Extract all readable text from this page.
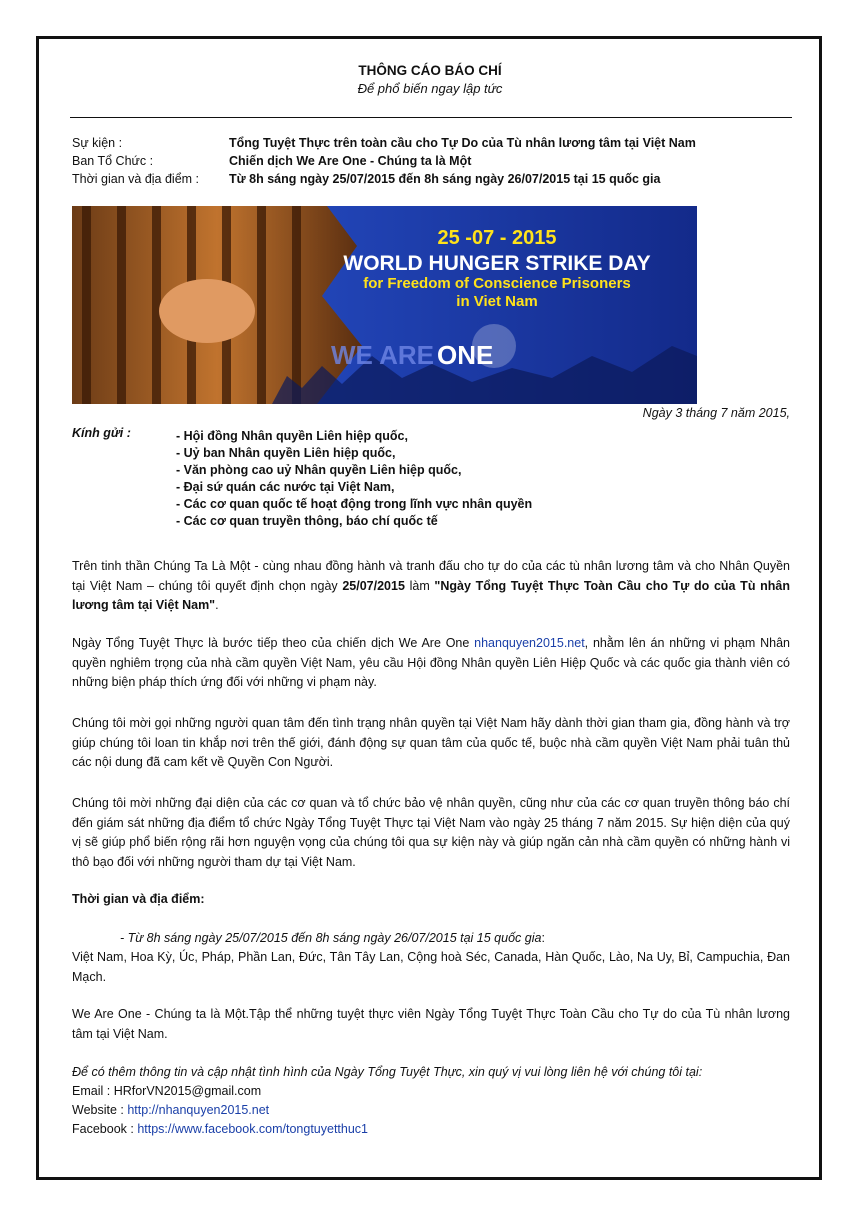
THÔNG CÁO BÁO CHÍ
Để phổ biến ngay lập tức
Sự kiện :	Tổng Tuyệt Thực trên toàn cầu cho Tự Do của Tù nhân lương tâm tại Việt Nam
Ban Tổ Chức :	Chiến dịch We Are One - Chúng ta là Một
Thời gian và địa điểm : Từ 8h sáng ngày 25/07/2015 đến 8h sáng ngày 26/07/2015 tại 15 quốc gia
25 -07 - 2015
WORLD HUNGER STRIKE DAY
for Freedom of Conscience Prisoners
in Viet Nam
WE ARE ONE
Ngày 3 tháng 7 năm 2015,
Kính gửi :	- Hội đồng Nhân quyền Liên hiệp quốc,
- Uỷ ban Nhân quyền Liên hiệp quốc,
- Văn phòng cao uỷ Nhân quyền Liên hiệp quốc,
- Đại sứ quán các nước tại Việt Nam,
- Các cơ quan quốc tế hoạt động trong lĩnh vực nhân quyền
- Các cơ quan truyền thông, báo chí quốc tế

Trên tinh thần Chúng Ta Là Một - cùng nhau đồng hành và tranh đấu cho tự do của các tù nhân lương tâm và cho Nhân Quyền tại Việt Nam – chúng tôi quyết định chọn ngày 25/07/2015 làm "Ngày Tổng Tuyệt Thực Toàn Cầu cho Tự do của Tù nhân lương tâm tại Việt Nam".

Ngày Tổng Tuyệt Thực là bước tiếp theo của chiến dịch We Are One nhanquyen2015.net, nhằm lên án những vi phạm Nhân quyền nghiêm trọng của nhà cầm quyền Việt Nam, yêu cầu Hội đồng Nhân quyền Liên Hiệp Quốc và các quốc gia thành viên có những biện pháp thích ứng đối với những vi phạm này.

Chúng tôi mời gọi những người quan tâm đến tình trạng nhân quyền tại Việt Nam hãy dành thời gian tham gia, đồng hành và trợ giúp chúng tôi loan tin khắp nơi trên thế giới, đánh động sự quan tâm của quốc tế, buộc nhà cầm quyền Việt Nam phải tuân thủ các nội dung đã cam kết về Quyền Con Người.

Chúng tôi mời những đại diện của các cơ quan và tổ chức bảo vệ nhân quyền, cũng như của các cơ quan truyền thông báo chí đến giám sát những địa điểm tổ chức Ngày Tổng Tuyệt Thực tại Việt Nam vào ngày 25 tháng 7 năm 2015. Sự hiện diện của quý vị sẽ giúp phổ biến rộng rãi hơn nguyện vọng của chúng tôi qua sự kiện này và giúp ngăn cản nhà cầm quyền có những hành vi thô bạo đối với những người tham dự tại Việt Nam.

Thời gian và địa điểm:

- Từ 8h sáng ngày 25/07/2015 đến 8h sáng ngày 26/07/2015 tại 15 quốc gia:

Việt Nam, Hoa Kỳ, Úc, Pháp, Phần Lan, Đức, Tân Tây Lan, Cộng hoà Séc, Canada, Hàn Quốc, Lào, Na Uy, Bỉ, Campuchia, Đan Mạch.

We Are One - Chúng ta là Một.Tập thể những tuyệt thực viên Ngày Tổng Tuyệt Thực Toàn Cầu cho Tự do của Tù nhân lương tâm tại Việt Nam.

Để có thêm thông tin và cập nhật tình hình của Ngày Tổng Tuyệt Thực, xin quý vị vui lòng liên hệ với chúng tôi tại:

Email : HRforVN2015@gmail.com

Website : http://nhanquyen2015.net

Facebook : https://www.facebook.com/tongtuyetthuc1
